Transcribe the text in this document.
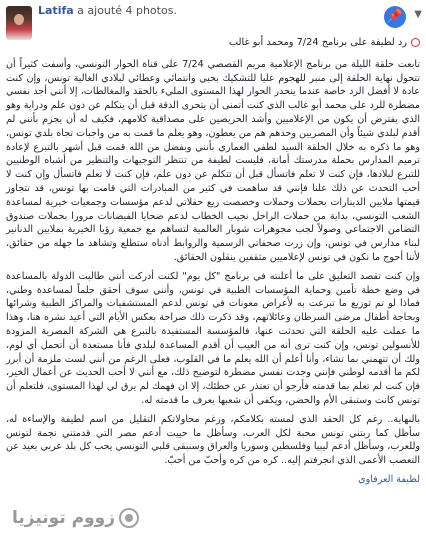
Latifa a ajouté 4 photos.	📌 ▼

رد لطيفة على برنامج 7/24 ومحمد أبو غالب

تابعت حلقة الليلة من برنامج الإعلامية مريم القصصي 7/24 على قناة الحوار التونسي، وأسفت كثيراً أن تتحول نهاية الحلقة إلى منبر للهجوم عليا للتشكيك بحبي وانتمائي وعطائي لبلادي الغالية تونس، وإن كنت عادة لا أفضل الرد خاصة عندما ينحدر الحوار لهذا المستوى المليء بالحقد والمغالطات، إلا أنني أجد نفسي مضطرة للرد على محمد أبو غالب الذي كنت أتمنى أن يتحرى الدقة قبل أن يتكلم عن دون علم ودراية وهو الذي يفترض أن يكون من الإعلاميين وأشد الحريصين على مصداقية كلامهم، فكيف له أن يجزم بأنني لم أقدم لبلدي شيئاً وأن المصريين وحدهم هم من يعطون، وهو يعلم ما قمت به من واجبات تجاه بلدي تونس، وهو ما ذكره به خلال الحلقة السيد لطفي العماري بأنني وبفضل من الله قمت قبل أشهر بالتبرع لإعادة ترميم المدارس بحملة مدرستك أمانة، فليست لطيفة من تنتظر التوجيهات والتنظير من أشباه الوطنيين للتبرع لبلادها، فإن كنت لا تعلم فاتسأل قبل أن تتكلم عن دون علم، فإن كنت لا تعلم فاتسأل وإن كنت لا أحب التحدث عن ذلك علنا فإنني قد ساهمت في كثير من المبادرات التي قامت بها تونس، قد تتجاوز قيمتها ملايين الدينارات بحملات وحملات وخصصت ريع حفلاتي لدعم مؤسسات وجمعيات خيرية لمساعدة الشعب التونسي، بداية من حملات الراحل نجيب الخطاب لدعم ضحايا الفيضانات مرورا بحملات صندوق التضامن الاجتماعي وصولاً لجب مجوهرات شوبار العالمية لتساهم مع جمعية رؤيا الخيرية بملايين الدنانير لبناء مدارس في تونس، وإن زرت صحفاتي الرسمية والروابط أدناه ستطلع وتشاهد ما جهله من حقائق، لأننا أحوج ما نكون في تونس لإعلاميين مثقفين ينقلون الحقائق.

وإن كنت تقصد التعليق على ما أعلنته في برنامج "كل يوم" لكنت أدركت أنني طالبت الدولة بالمساعدة في وضع خطة تأمين وحماية المؤسسات الطبية في تونس، وأنني سوف أحقق حلماً لمساعدة وطني، فماذا لو تم توزيع ما تبرعت به لأعراض معونات في تونس لدعم المستشفيات والمراكز الطبية وشرائها وبحاجة أطفال مرضى السرطان وعائلاتهم، وقد ذكرت ذلك صراحة بعكس الأيام التي أعيد نشره هنا، وهذا ما عملت عليه الحلقة التي تحدثت عنها، فالمؤسسة المستفيدة بالتبرع هي الشركة المصرية المزودة للأنسولين تونس، وإن كنت ترى أنه من العيب أن أقدم المساعدة لبلدي فأنا مستعدة أن أتحمل أي لوم، ولك أن تتهمني بما تشاء، وأنا أعلم أن الله يعلم ما في القلوب، فعلى الرغم من أنني لست ملزمة أن أبرر لكم ما أقدمه لوطني فإنني وجدت نفسي مضطرة لتوضيح ذلك، مع أنني لا أحب الحديث عن أعمال الخير، فإن كنت لم تعلم بما قدمته فأرجو أن تعتذر عن خطئك، إلا ان فهمك لم يرق لي لهذا المستوى، فلتعلم أن تونس كانت وستبقى الأم والحضن، ويكفي أن شعبها يعرف ما قدمته له.

بالنهاية.. رغم كل الحقد الذي لمسته بكلامكم، ورغم محاولاتكم التقليل من اسم لطيفة والإساءة له، سأظل كما ربتني تونس محبة لكل العرب، وسأظل ما حييت أدعم مصر التي قدمتني نجمة لتونس وللعرب، وسأظل أدعم ليبيا وفلسطين وسوريا والعراق وسنبقى قلبي التونسي يحب كل بلد عربي بعيد عن التعصب الأعمى الذي انجرفتم إليه.. كره من كره وأحبّ من أحبّ.

لطيفة العرفاوي

زووم تونيزيا
